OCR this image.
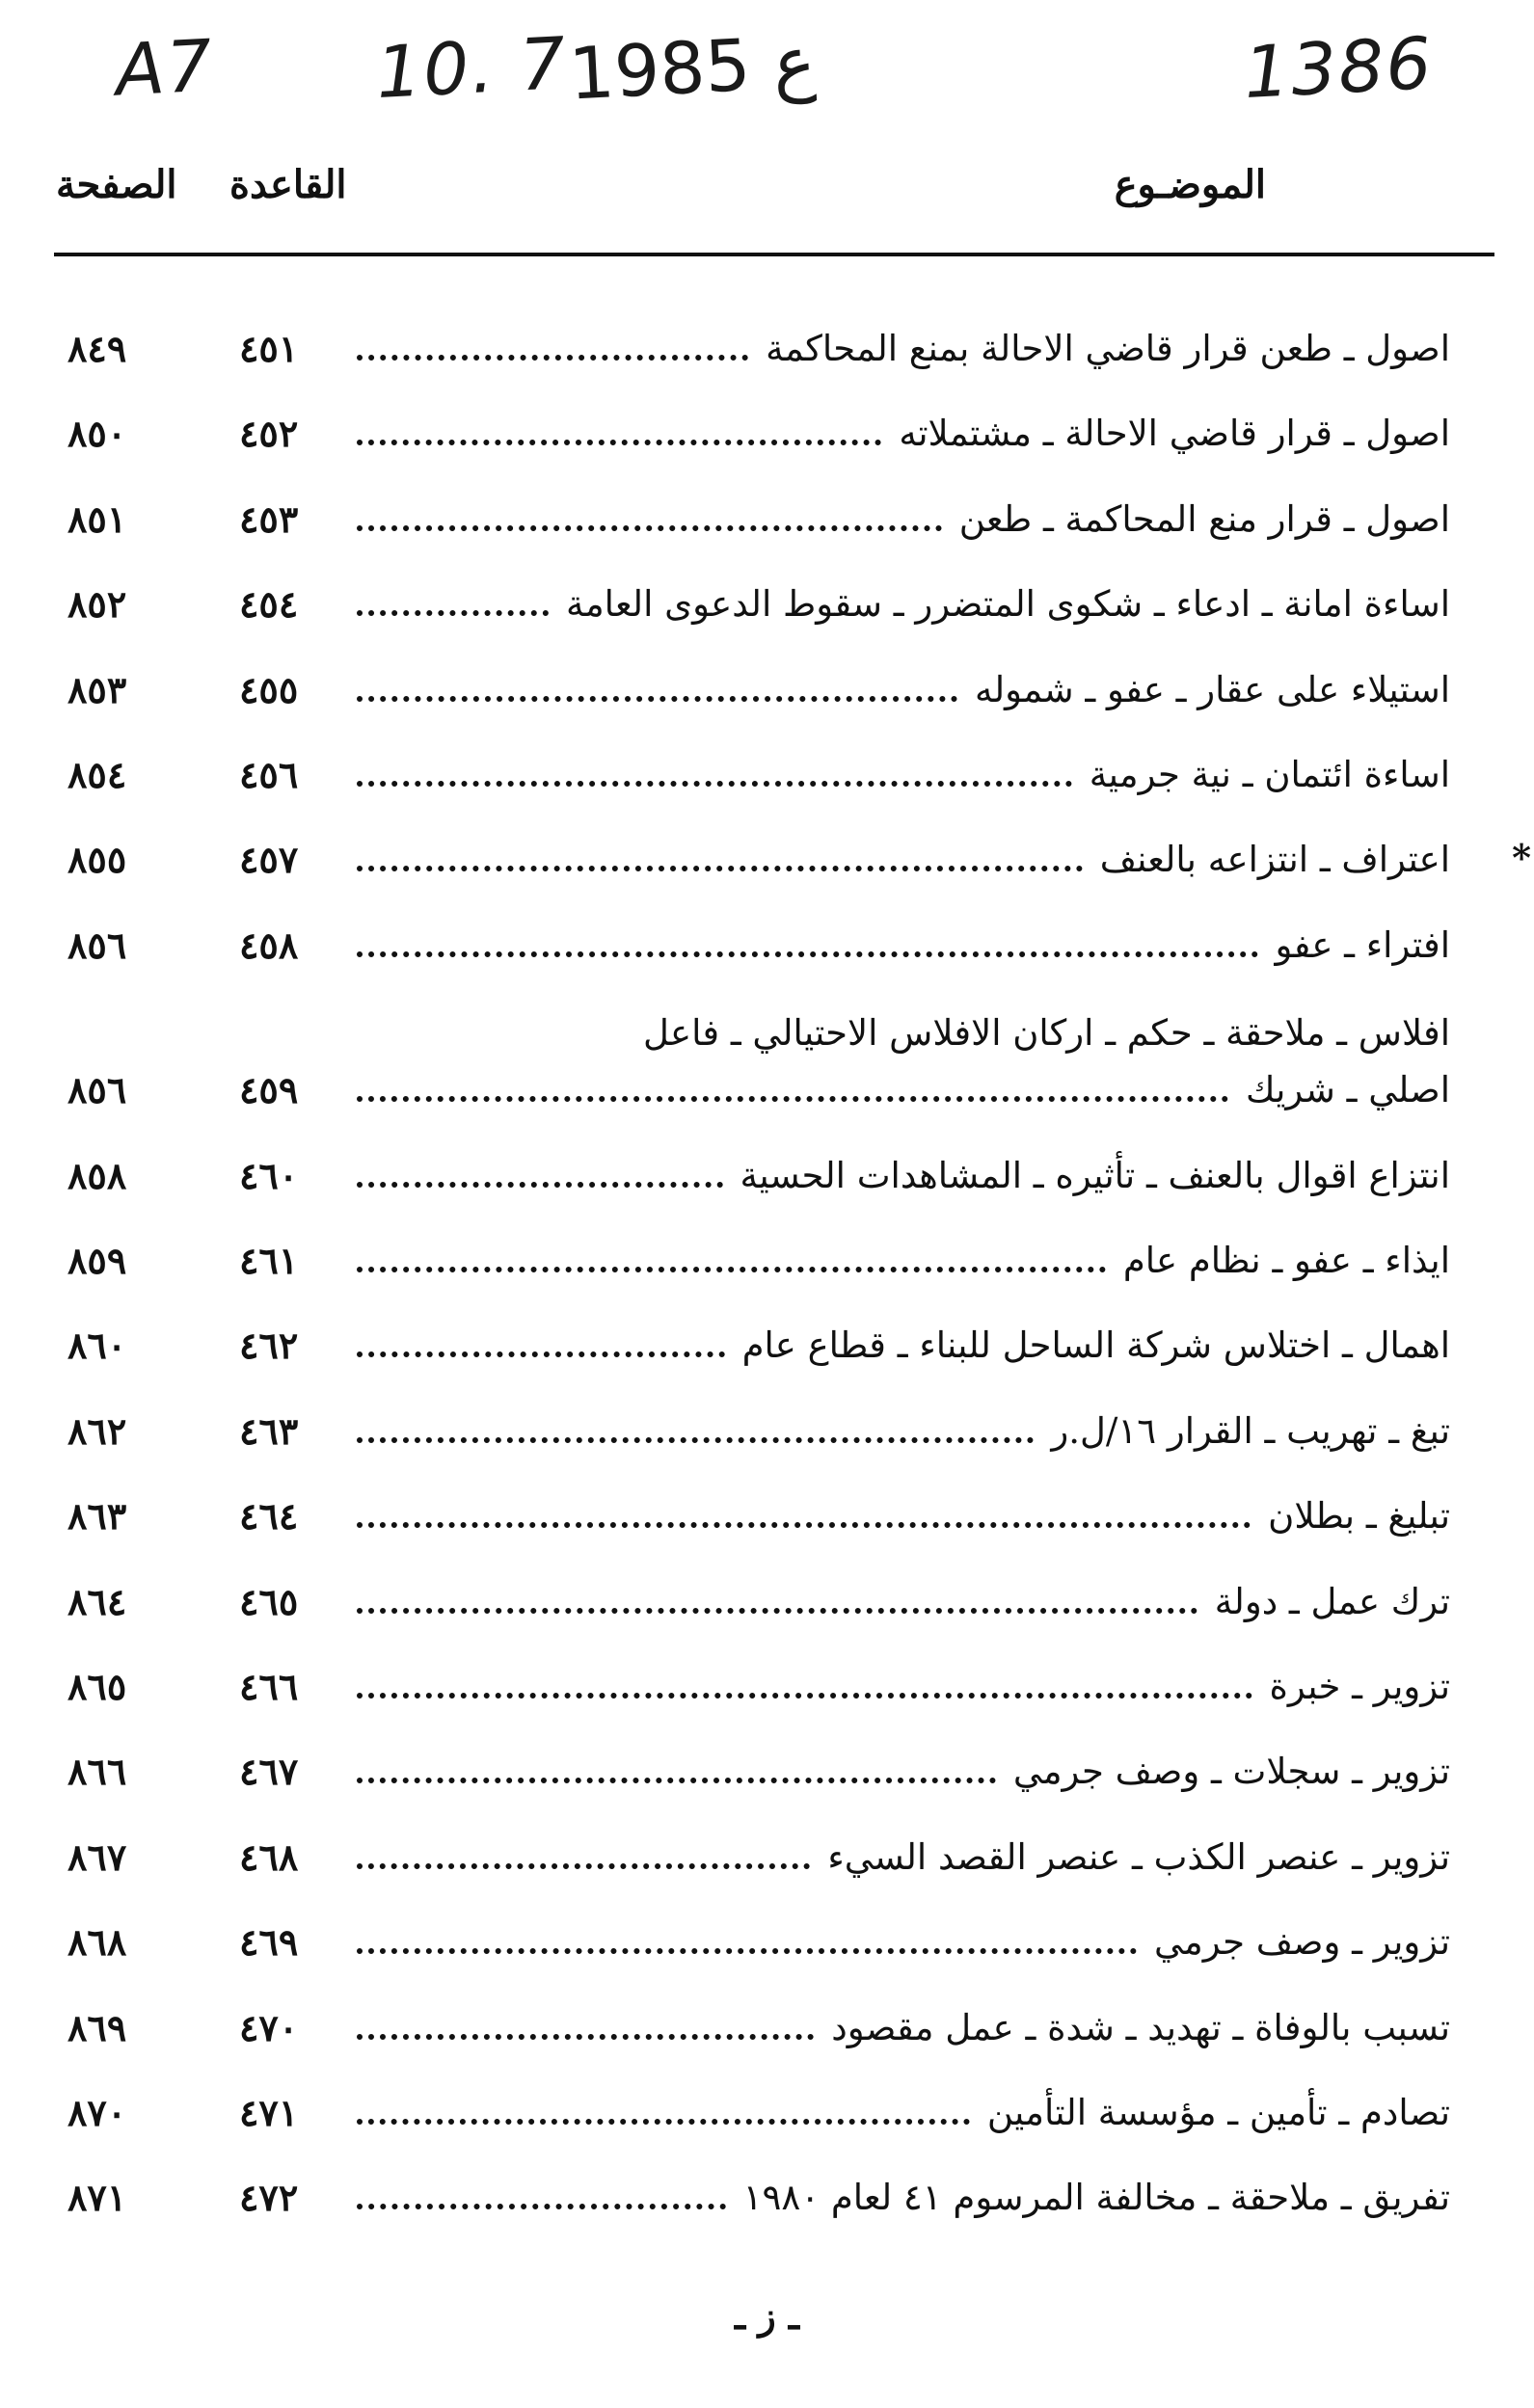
A7 10. 7
ع 1985	1386
الموضـوع
القاعدة
الصفحة
اصول ـ طعن قرار قاضي الاحالة بمنع المحاكمة
٤٥١
٨٤٩
اصول ـ قرار قاضي الاحالة ـ مشتملاته
٤٥٢
٨٥٠
اصول ـ قرار منع المحاكمة ـ طعن
٤٥٣
٨٥١
اساءة امانة ـ ادعاء ـ شكوى المتضرر ـ سقوط الدعوى العامة
٤٥٤
٨٥٢
استيلاء على عقار ـ عفو ـ شموله
٤٥٥
٨٥٣
اساءة ائتمان ـ نية جرمية
٤٥٦
٨٥٤
اعتراف ـ انتزاعه بالعنف
٤٥٧
٨٥٥	*
افتراء ـ عفو
٤٥٨
٨٥٦
افلاس ـ ملاحقة ـ حكم ـ اركان الافلاس الاحتيالي ـ فاعل
اصلي ـ شريك
٤٥٩
٨٥٦
انتزاع اقوال بالعنف ـ تأثيره ـ المشاهدات الحسية
٤٦٠
٨٥٨
ايذاء ـ عفو ـ نظام عام
٤٦١
٨٥٩
اهمال ـ اختلاس شركة الساحل للبناء ـ قطاع عام
٤٦٢
٨٦٠
تبغ ـ تهريب ـ القرار ١٦/ل.ر
٤٦٣
٨٦٢
تبليغ ـ بطلان
٤٦٤
٨٦٣
ترك عمل ـ دولة
٤٦٥
٨٦٤
تزوير ـ خبرة
٤٦٦
٨٦٥
تزوير ـ سجلات ـ وصف جرمي
٤٦٧
٨٦٦
تزوير ـ عنصر الكذب ـ عنصر القصد السيء
٤٦٨
٨٦٧
تزوير ـ وصف جرمي
٤٦٩
٨٦٨
تسبب بالوفاة ـ تهديد ـ شدة ـ عمل مقصود
٤٧٠
٨٦٩
تصادم ـ تأمين ـ مؤسسة التأمين
٤٧١
٨٧٠
تفريق ـ ملاحقة ـ مخالفة المرسوم ٤١ لعام ١٩٨٠
٤٧٢
٨٧١
ـ ز ـ
